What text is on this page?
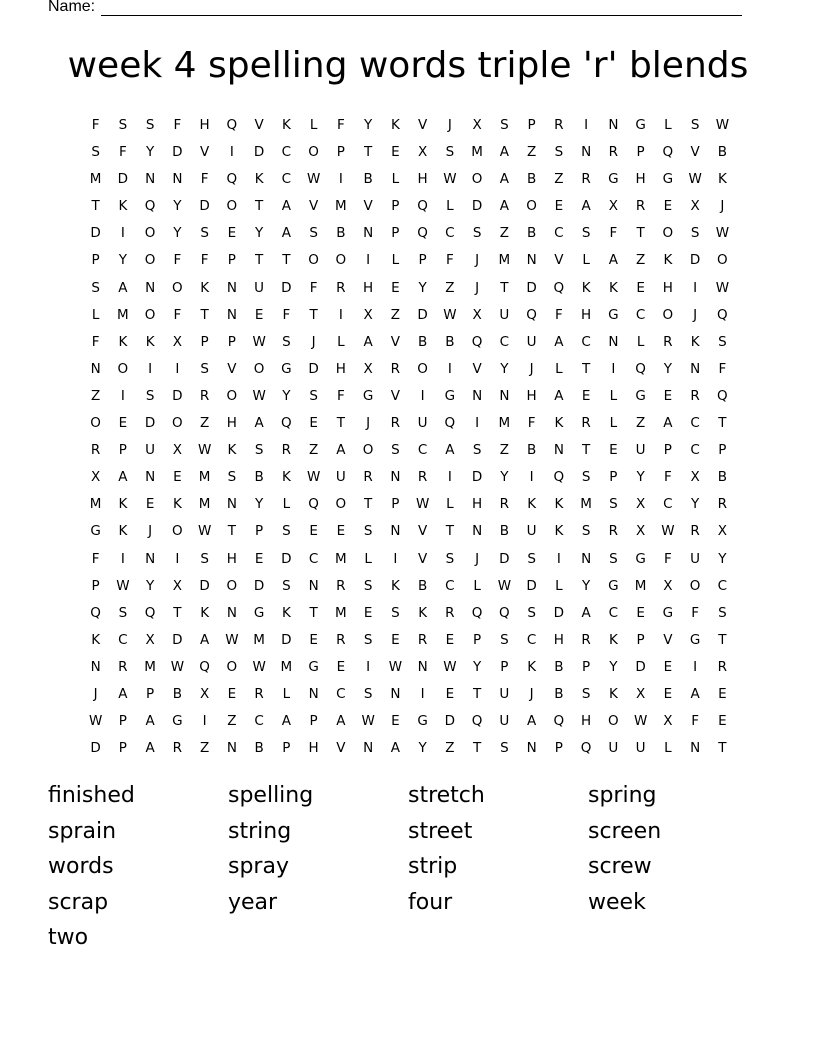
Name:
week 4 spelling words triple 'r' blends
F	S	S	F	H	Q	V	K	L	F	Y	K	V	J	X	S	P	R	I	N	G	L	S	W
S	F	Y	D	V	I	D	C	O	P	T	E	X	S	M	A	Z	S	N	R	P	Q	V	B
M	D	N	N	F	Q	K	C	W	I	B	L	H	W	O	A	B	Z	R	G	H	G	W	K
T	K	Q	Y	D	O	T	A	V	M	V	P	Q	L	D	A	O	E	A	X	R	E	X	J
D	I	O	Y	S	E	Y	A	S	B	N	P	Q	C	S	Z	B	C	S	F	T	O	S	W
P	Y	O	F	F	P	T	T	O	O	I	L	P	F	J	M	N	V	L	A	Z	K	D	O
S	A	N	O	K	N	U	D	F	R	H	E	Y	Z	J	T	D	Q	K	K	E	H	I	W
L	M	O	F	T	N	E	F	T	I	X	Z	D	W	X	U	Q	F	H	G	C	O	J	Q
F	K	K	X	P	P	W	S	J	L	A	V	B	B	Q	C	U	A	C	N	L	R	K	S
N	O	I	I	S	V	O	G	D	H	X	R	O	I	V	Y	J	L	T	I	Q	Y	N	F
Z	I	S	D	R	O	W	Y	S	F	G	V	I	G	N	N	H	A	E	L	G	E	R	Q
O	E	D	O	Z	H	A	Q	E	T	J	R	U	Q	I	M	F	K	R	L	Z	A	C	T
R	P	U	X	W	K	S	R	Z	A	O	S	C	A	S	Z	B	N	T	E	U	P	C	P
X	A	N	E	M	S	B	K	W	U	R	N	R	I	D	Y	I	Q	S	P	Y	F	X	B
M	K	E	K	M	N	Y	L	Q	O	T	P	W	L	H	R	K	K	M	S	X	C	Y	R
G	K	J	O	W	T	P	S	E	E	S	N	V	T	N	B	U	K	S	R	X	W	R	X
F	I	N	I	S	H	E	D	C	M	L	I	V	S	J	D	S	I	N	S	G	F	U	Y
P	W	Y	X	D	O	D	S	N	R	S	K	B	C	L	W	D	L	Y	G	M	X	O	C
Q	S	Q	T	K	N	G	K	T	M	E	S	K	R	Q	Q	S	D	A	C	E	G	F	S
K	C	X	D	A	W	M	D	E	R	S	E	R	E	P	S	C	H	R	K	P	V	G	T
N	R	M	W	Q	O	W	M	G	E	I	W	N	W	Y	P	K	B	P	Y	D	E	I	R
J	A	P	B	X	E	R	L	N	C	S	N	I	E	T	U	J	B	S	K	X	E	A	E
W	P	A	G	I	Z	C	A	P	A	W	E	G	D	Q	U	A	Q	H	O	W	X	F	E
D	P	A	R	Z	N	B	P	H	V	N	A	Y	Z	T	S	N	P	Q	U	U	L	N	T
finished	spelling	stretch	spring
sprain	string	street	screen
words	spray	strip	screw
scrap	year	four	week
two
